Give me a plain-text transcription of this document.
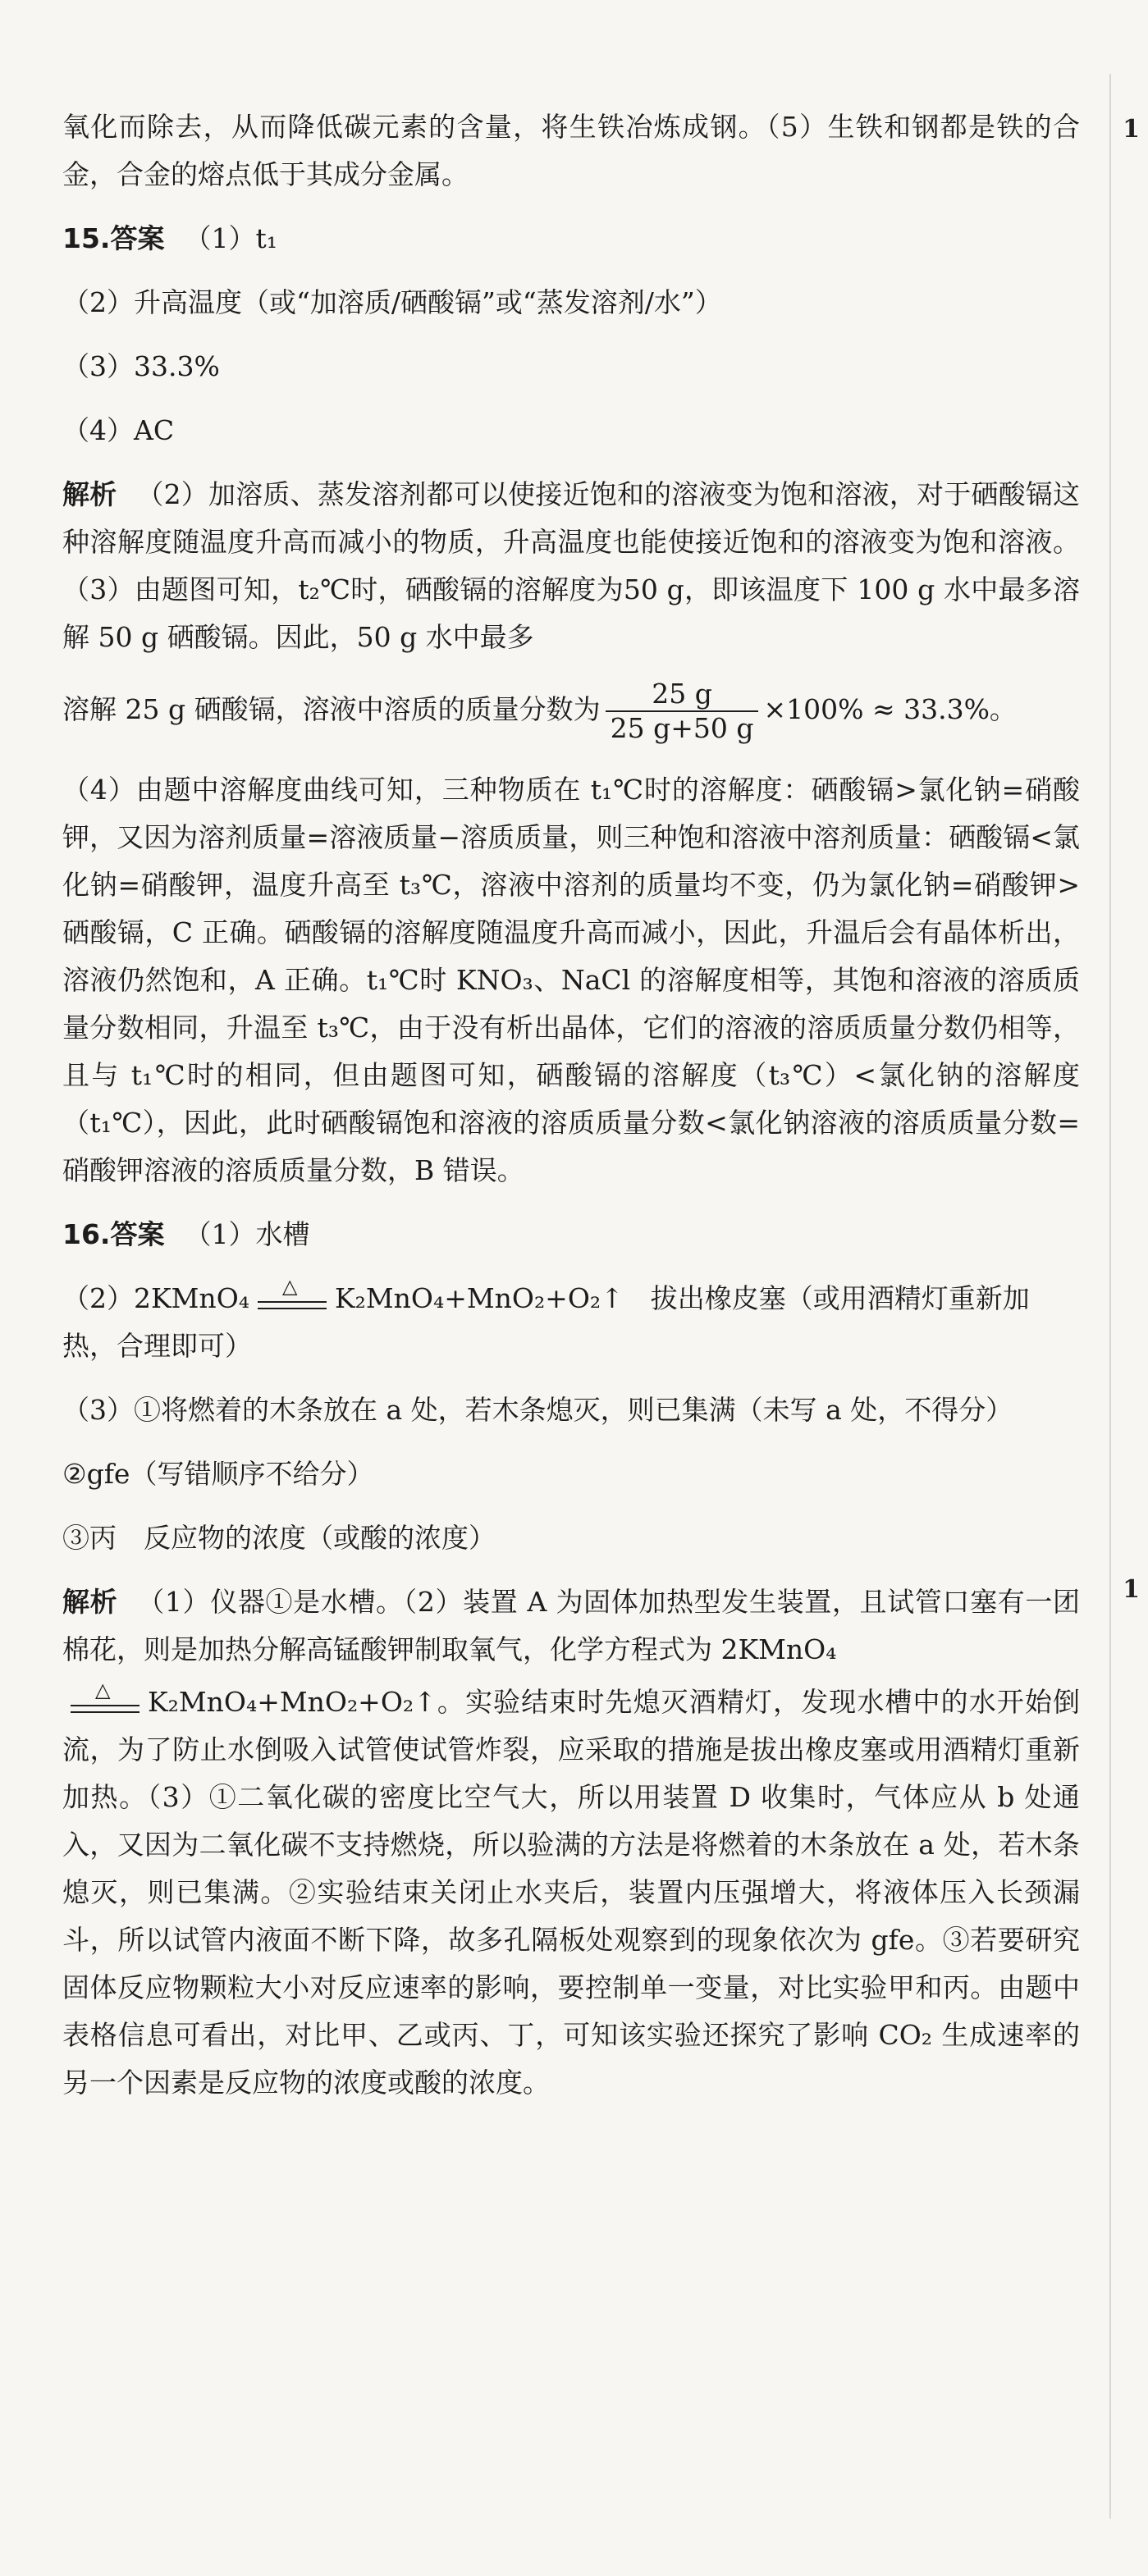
1
1

氧化而除去，从而降低碳元素的含量，将生铁冶炼成钢。（5）生铁和钢都是铁的合金，合金的熔点低于其成分金属。

15.答案 （1）t₁
（2）升高温度（或“加溶质/硒酸镉”或“蒸发溶剂/水”）
（3）33.3%
（4）AC

解析 （2）加溶质、蒸发溶剂都可以使接近饱和的溶液变为饱和溶液，对于硒酸镉这种溶解度随温度升高而减小的物质，升高温度也能使接近饱和的溶液变为饱和溶液。（3）由题图可知，t₂℃时，硒酸镉的溶解度为50 g，即该温度下 100 g 水中最多溶解 50 g 硒酸镉。因此，50 g 水中最多

溶解 25 g 硒酸镉，溶液中溶质的质量分数为 $\frac{25 g}{25 g+50 g} \times 100\% \approx 33.3\%$。

（4）由题中溶解度曲线可知，三种物质在 t₁℃时的溶解度：硒酸镉>氯化钠=硝酸钾，又因为溶剂质量=溶液质量−溶质质量，则三种饱和溶液中溶剂质量：硒酸镉<氯化钠=硝酸钾，温度升高至 t₃℃，溶液中溶剂的质量均不变，仍为氯化钠=硝酸钾>硒酸镉，C 正确。硒酸镉的溶解度随温度升高而减小，因此，升温后会有晶体析出，溶液仍然饱和，A 正确。t₁℃时 KNO₃、NaCl 的溶解度相等，其饱和溶液的溶质质量分数相同，升温至 t₃℃，由于没有析出晶体，它们的溶液的溶质质量分数仍相等，且与 t₁℃时的相同，但由题图可知，硒酸镉的溶解度（t₃℃）<氯化钠的溶解度（t₁℃），因此，此时硒酸镉饱和溶液的溶质质量分数<氯化钠溶液的溶质质量分数=硝酸钾溶液的溶质质量分数，B 错误。

16.答案 （1）水槽
（2）2KMnO₄ △ K₂MnO₄+MnO₂+O₂↑　拔出橡皮塞（或用酒精灯重新加热，合理即可）
（3）①将燃着的木条放在 a 处，若木条熄灭，则已集满（未写 a 处，不得分）
②gfe（写错顺序不给分）
③丙　反应物的浓度（或酸的浓度）

解析 （1）仪器①是水槽。（2）装置 A 为固体加热型发生装置，且试管口塞有一团棉花，则是加热分解高锰酸钾制取氧气，化学方程式为 2KMnO₄

△ K₂MnO₄+MnO₂+O₂↑。实验结束时先熄灭酒精灯，发现水槽中的水开始倒流，为了防止水倒吸入试管使试管炸裂，应采取的措施是拔出橡皮塞或用酒精灯重新加热。（3）①二氧化碳的密度比空气大，所以用装置 D 收集时，气体应从 b 处通入，又因为二氧化碳不支持燃烧，所以验满的方法是将燃着的木条放在 a 处，若木条熄灭，则已集满。②实验结束关闭止水夹后，装置内压强增大，将液体压入长颈漏斗，所以试管内液面不断下降，故多孔隔板处观察到的现象依次为 gfe。③若要研究固体反应物颗粒大小对反应速率的影响，要控制单一变量，对比实验甲和丙。由题中表格信息可看出，对比甲、乙或丙、丁，可知该实验还探究了影响 CO₂ 生成速率的另一个因素是反应物的浓度或酸的浓度。
